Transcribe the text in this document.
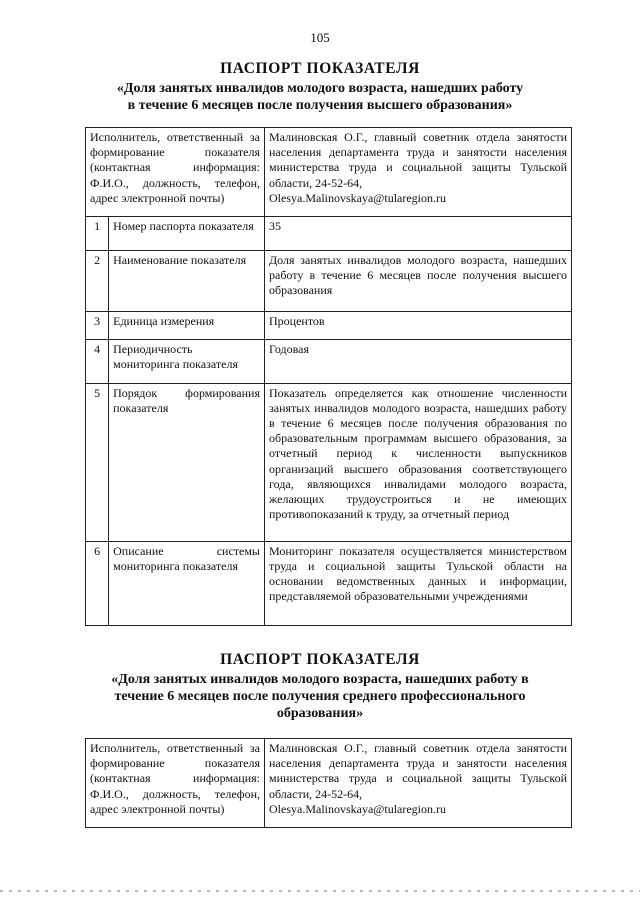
105
ПАСПОРТ ПОКАЗАТЕЛЯ
«Доля занятых инвалидов молодого возраста, нашедших работу
в течение 6 месяцев после получения высшего образования»
Исполнитель, ответственный за формирование показателя (контактная информация: Ф.И.О., должность, телефон, адрес электронной почты)		Малиновская О.Г., главный советник отдела занятости населения департамента труда и занятости населения министерства труда и социальной защиты Тульской области, 24-52-64,
Olesya.Malinovskaya@tularegion.ru

1	Номер паспорта показателя	35
2	Наименование показателя	Доля занятых инвалидов молодого возраста, нашедших работу в течение 6 месяцев после получения высшего образования
3	Единица измерения	Процентов
4	Периодичность мониторинга показателя	Годовая
5	Порядок формирования показателя	Показатель определяется как отношение численности занятых инвалидов молодого возраста, нашедших работу в течение 6 месяцев после получения образования по образовательным программам высшего образования, за отчетный период к численности выпускников организаций высшего образования соответствующего года, являющихся инвалидами молодого возраста, желающих трудоустроиться и не имеющих противопоказаний к труду, за отчетный период
6	Описание системы мониторинга показателя	Мониторинг показателя осуществляется министерством труда и социальной защиты Тульской области на основании ведомственных данных и информации, представляемой образовательными учреждениями
ПАСПОРТ ПОКАЗАТЕЛЯ
«Доля занятых инвалидов молодого возраста, нашедших работу в
течение 6 месяцев после получения среднего профессионального
образования»
Исполнитель, ответственный за формирование показателя (контактная информация: Ф.И.О., должность, телефон, адрес электронной почты)	Малиновская О.Г., главный советник отдела занятости населения департамента труда и занятости населения министерства труда и социальной защиты Тульской области, 24-52-64,
Olesya.Malinovskaya@tularegion.ru
